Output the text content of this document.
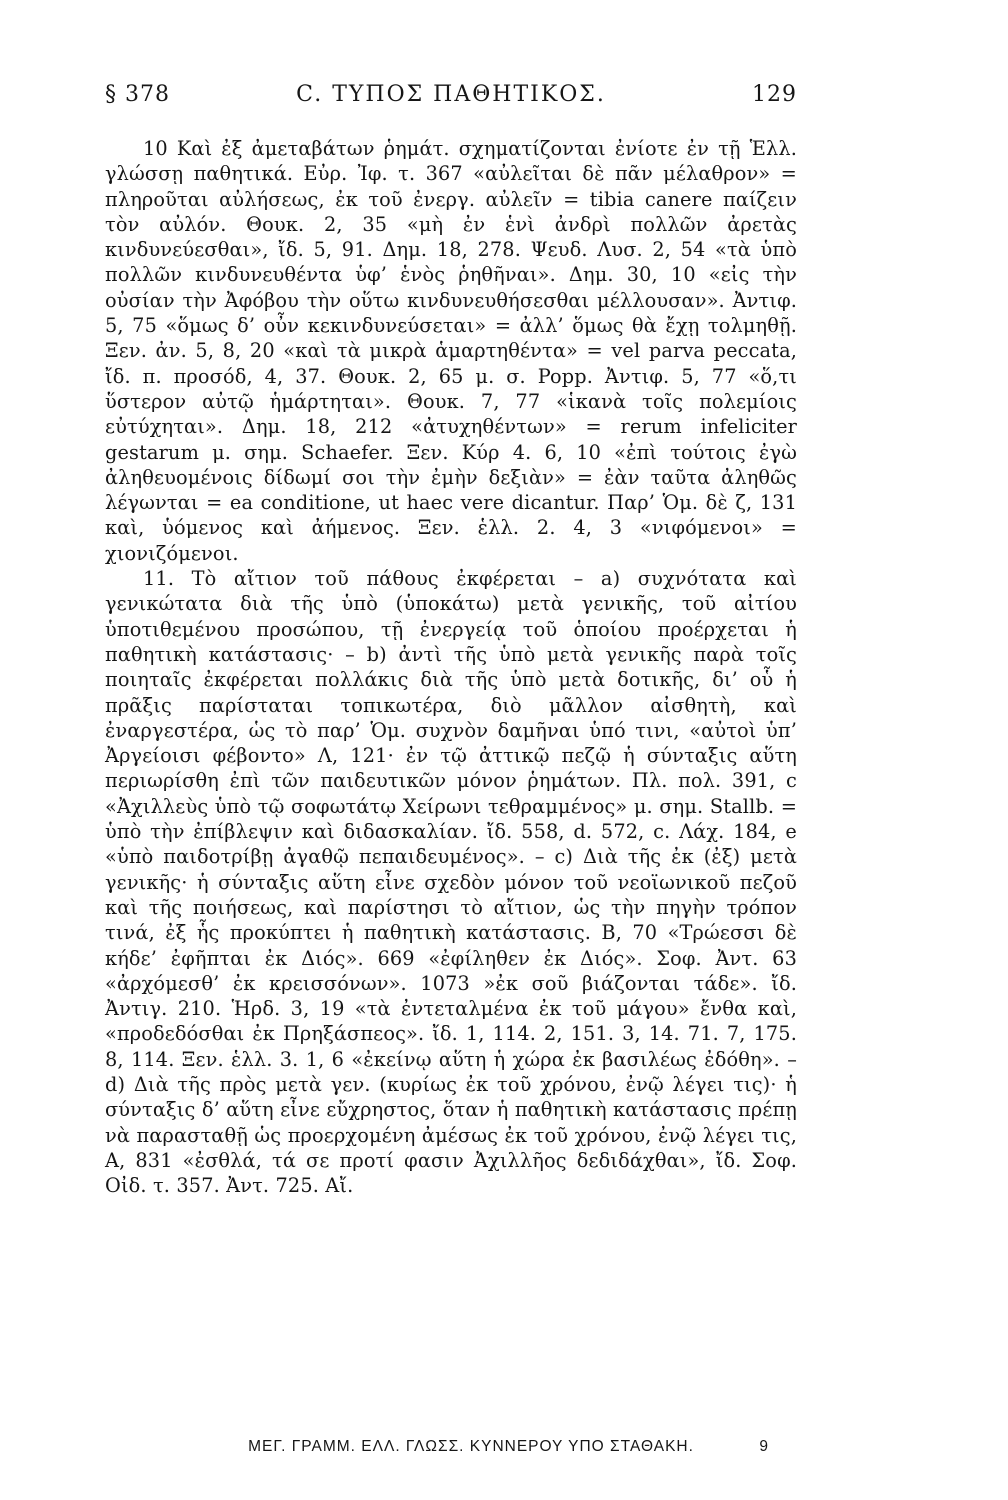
§ 378	C. ΤΥΠΟΣ ΠΑΘΗΤΙΚΟΣ.	129

10 Καὶ ἐξ ἀμεταβάτων ῥημάτ. σχηματίζονται ἐνίοτε ἐν τῇ Ἑλλ. γλώσσῃ παθητικά. Εὐρ. Ἰφ. τ. 367 «αὐλεῖται δὲ πᾶν μέλαθρον» = πληροῦται αὐλήσεως, ἐκ τοῦ ἐνεργ. αὐλεῖν = tibia canere παίζειν τὸν αὐλόν. Θουκ. 2, 35 «μὴ ἐν ἑνὶ ἀνδρὶ πολλῶν ἀρετὰς κινδυνεύεσθαι», ἴδ. 5, 91. Δημ. 18, 278. Ψευδ. Λυσ. 2, 54 «τὰ ὑπὸ πολλῶν κινδυνευθέντα ὑφ’ ἑνὸς ῥηθῆναι». Δημ. 30, 10 «εἰς τὴν οὐσίαν τὴν Ἀφόβου τὴν οὕτω κινδυνευθήσεσθαι μέλλουσαν». Ἀντιφ. 5, 75 «ὅμως δ’ οὖν κεκινδυνεύσεται» = ἀλλ’ ὅμως θὰ ἔχῃ τολμηθῇ. Ξεν. ἀν. 5, 8, 20 «καὶ τὰ μικρὰ ἁμαρτηθέντα» = vel parva peccata, ἴδ. π. προσόδ, 4, 37. Θουκ. 2, 65 μ. σ. Popp. Ἀντιφ. 5, 77 «ὅ,τι ὕστερον αὐτῷ ἡμάρτηται». Θουκ. 7, 77 «ἱκανὰ τοῖς πολεμίοις εὐτύχηται». Δημ. 18, 212 «ἀτυχηθέντων» = rerum infeliciter gestarum μ. σημ. Schaefer. Ξεν. Κύρ 4. 6, 10 «ἐπὶ τούτοις ἐγὼ ἀληθευομένοις δίδωμί σοι τὴν ἐμὴν δεξιὰν» = ἐὰν ταῦτα ἀληθῶς λέγωνται = ea conditione, ut haec vere dicantur. Παρ’ Ὁμ. δὲ ζ, 131 καὶ, ὑόμενος καὶ ἀήμενος. Ξεν. ἑλλ. 2. 4, 3 «νιφόμενοι» = χιονιζόμενοι.

11. Τὸ αἴτιον τοῦ πάθους ἐκφέρεται – a) συχνότατα καὶ γενικώτατα διὰ τῆς ὑπὸ (ὑποκάτω) μετὰ γενικῆς, τοῦ αἰτίου ὑποτιθεμένου προσώπου, τῇ ἐνεργείᾳ τοῦ ὁποίου προέρχεται ἡ παθητικὴ κατάστασις· – b) ἀντὶ τῆς ὑπὸ μετὰ γενικῆς παρὰ τοῖς ποιηταῖς ἐκφέρεται πολλάκις διὰ τῆς ὑπὸ μετὰ δοτικῆς, δι’ οὗ ἡ πρᾶξις παρίσταται τοπικωτέρα, διὸ μᾶλλον αἰσθητὴ, καὶ ἐναργεστέρα, ὡς τὸ παρ’ Ὁμ. συχνὸν δαμῆναι ὑπό τινι, «αὐτοὶ ὑπ’ Ἀργείοισι φέβοντο» Λ, 121· ἐν τῷ ἀττικῷ πεζῷ ἡ σύνταξις αὕτη περιωρίσθη ἐπὶ τῶν παιδευτικῶν μόνον ῥημάτων. Πλ. πολ. 391, c «Ἀχιλλεὺς ὑπὸ τῷ σοφωτάτῳ Χείρωνι τεθραμμένος» μ. σημ. Stallb. = ὑπὸ τὴν ἐπίβλεψιν καὶ διδασκαλίαν. ἴδ. 558, d. 572, c. Λάχ. 184, e «ὑπὸ παιδοτρίβῃ ἀγαθῷ πεπαιδευμένος». – c) Διὰ τῆς ἐκ (ἐξ) μετὰ γενικῆς· ἡ σύνταξις αὕτη εἶνε σχεδὸν μόνον τοῦ νεοϊωνικοῦ πεζοῦ καὶ τῆς ποιήσεως, καὶ παρίστησι τὸ αἴτιον, ὡς τὴν πηγὴν τρόπον τινά, ἐξ ἧς προκύπτει ἡ παθητικὴ κατάστασις. Β, 70 «Τρώεσσι δὲ κήδε’ ἐφῆπται ἐκ Διός». 669 «ἐφίληθεν ἐκ Διός». Σοφ. Ἀντ. 63 «ἀρχόμεσθ’ ἐκ κρεισσόνων». 1073 »ἐκ σοῦ βιάζονται τάδε». ἴδ. Ἀντιγ. 210. Ἡρδ. 3, 19 «τὰ ἐντεταλμένα ἐκ τοῦ μάγου» ἔνθα καὶ, «προδεδόσθαι ἐκ Πρηξάσπεος». ἴδ. 1, 114. 2, 151. 3, 14. 71. 7, 175. 8, 114. Ξεν. ἑλλ. 3. 1, 6 «ἐκείνῳ αὕτη ἡ χώρα ἐκ βασιλέως ἐδόθη». – d) Διὰ τῆς πρὸς μετὰ γεν. (κυρίως ἐκ τοῦ χρόνου, ἐνῷ λέγει τις)· ἡ σύνταξις δ’ αὕτη εἶνε εὔχρηστος, ὅταν ἡ παθητικὴ κατάστασις πρέπῃ νὰ παρασταθῇ ὡς προερχομένη ἀμέσως ἐκ τοῦ χρόνου, ἐνῷ λέγει τις, Α, 831 «ἐσθλά, τά σε προτί φασιν Ἀχιλλῆος δεδιδάχθαι», ἴδ. Σοφ. Οἰδ. τ. 357. Ἀντ. 725. Αἴ.

ΜΕΓ. ΓΡΑΜΜ. ΕΛΛ. ΓΛΩΣΣ. ΚΥΝΝΕΡΟΥ ΥΠΟ ΣΤΑΘΑΚΗ.	9
